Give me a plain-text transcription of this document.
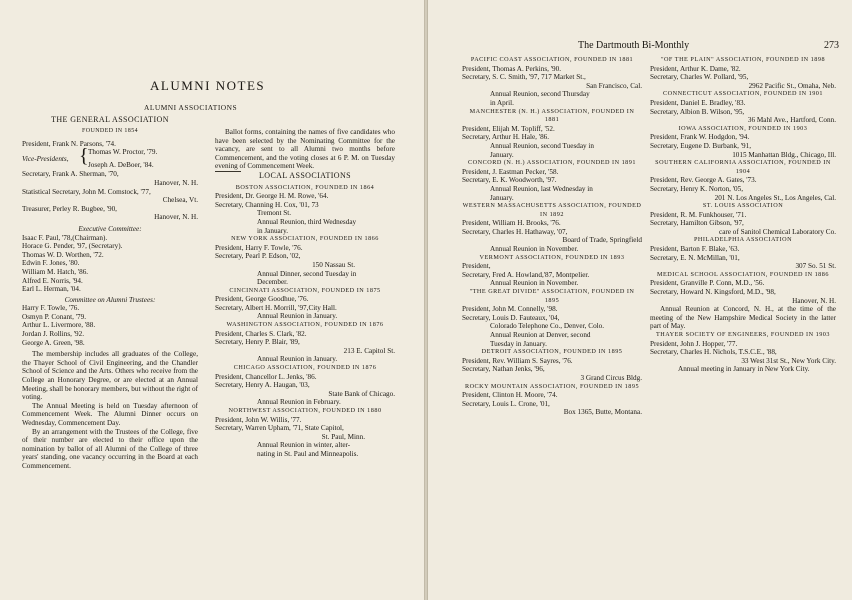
ALUMNI NOTES
ALUMNI ASSOCIATIONS
THE GENERAL ASSOCIATION
FOUNDED IN 1854
President, Frank N. Parsons, '74.
Vice-Presidents, { Thomas W. Proctor, '79.
Joseph A. DeBoer, '84.
Secretary, Frank A. Sherman, '70,
Hanover, N. H.
Statistical Secretary, John M. Comstock, '77,
Chelsea, Vt.
Treasurer, Perley R. Bugbee, '90,
Hanover, N. H.
Executive Committee:
Isaac F. Paul, '78,(Chairman).
Horace G. Pender, '97, (Secretary).
Thomas W. D. Worthen, '72.
Edwin F. Jones, '80.
William M. Hatch, '86.
Alfred E. Norris, '94.
Earl L. Herman, '04.
Committee on Alumni Trustees:
Harry F. Towle, '76.
Osmyn P. Conant, '79.
Arthur L. Livermore, '88.
Jordan J. Rollins, '92.
George A. Green, '98.

The membership includes all graduates of the College, the Thayer School of Civil Engineering, and the Chandler School of Science and the Arts. Others who receive from the College an Honorary Degree, or are elected at an Annual Meeting, shall be honorary members, but without the right of voting.

The Annual Meeting is held on Tuesday afternoon of Commencement Week. The Alumni Dinner occurs on Wednesday, Commencement Day.

By an arrangement with the Trustees of the College, five of their number are elected to their office upon the nomination by ballot of all Alumni of the College of three years' standing, one vacancy occurring in the Board at each Commencement.

Ballot forms, containing the names of five candidates who have been selected by the Nominating Committee for the vacancy, are sent to all Alumni two months before Commencement, and the voting closes at 6 P. M. on Tuesday evening of Commencement Week.

LOCAL ASSOCIATIONS
BOSTON ASSOCIATION, FOUNDED IN 1864
President, Dr. George H. M. Rowe, '64.
Secretary, Channing H. Cox, '01, 73
Tremont St.
Annual Reunion, third Wednesday
in January.
NEW YORK ASSOCIATION, FOUNDED IN 1866
President, Harry F. Towle, '76.
Secretary, Pearl P. Edson, '02,
150 Nassau St.
Annual Dinner, second Tuesday in
December.
CINCINNATI ASSOCIATION, FOUNDED IN 1875
President, George Goodhue, '76.
Secretary, Albert H. Morrill, '97,City Hall.
Annual Reunion in January.
WASHINGTON ASSOCIATION, FOUNDED IN 1876
President, Charles S. Clark, '82.
Secretary, Henry P. Blair, '89,
213 E. Capitol St.
Annual Reunion in January.
CHICAGO ASSOCIATION, FOUNDED IN 1876
President, Chancellor L. Jenks, '86.
Secretary, Henry A. Haugan, '03,
State Bank of Chicago.
Annual Reunion in February.
NORTHWEST ASSOCIATION, FOUNDED IN 1880
President, John W. Willis, '77.
Secretary, Warren Upham, '71, State Capitol,
St. Paul, Minn.
Annual Reunion in winter, alter-
nating in St. Paul and Minneapolis.
The Dartmouth Bi-Monthly	273
PACIFIC COAST ASSOCIATION, FOUNDED IN 1881
President, Thomas A. Perkins, '90.
Secretary, S. C. Smith, '97, 717 Market St.,
San Francisco, Cal.
Annual Reunion, second Thursday
in April.
MANCHESTER (N. H.) ASSOCIATION, FOUNDED IN 1881
President, Elijah M. Topliff, '52.
Secretary, Arthur H. Hale, '86.
Annual Reunion, second Tuesday in
January.
CONCORD (N. H.) ASSOCIATION, FOUNDED IN 1891
President, J. Eastman Pecker, '58.
Secretary, E. K. Woodworth, '97.
Annual Reunion, last Wednesday in
January.
WESTERN MASSACHUSETTS ASSOCIATION, FOUNDED IN 1892
President, William H. Brooks, '76.
Secretary, Charles H. Hathaway, '07,
Board of Trade, Springfield
Annual Reunion in November.
VERMONT ASSOCIATION, FOUNDED IN 1893
President,
Secretary, Fred A. Howland,'87, Montpelier.
Annual Reunion in November.
"THE GREAT DIVIDE" ASSOCIATION, FOUNDED IN 1895
President, John M. Connelly, '98.
Secretary, Louis D. Fauteaux, '04,
Colorado Telephone Co., Denver, Colo.
Annual Reunion at Denver, second
Tuesday in January.
DETROIT ASSOCIATION, FOUNDED IN 1895
President, Rev. William S. Sayres, '76.
Secretary, Nathan Jenks, '96,
3 Grand Circus Bldg.
ROCKY MOUNTAIN ASSOCIATION, FOUNDED IN 1895
President, Clinton H. Moore, '74.
Secretary, Louis L. Crone, '01,
Box 1365, Butte, Montana.
"OF THE PLAIN" ASSOCIATION, FOUNDED IN 1898
President, Arthur K. Dame, '82.
Secretary, Charles W. Pollard, '95,
2962 Pacific St., Omaha, Neb.
CONNECTICUT ASSOCIATION, FOUNDED IN 1901
President, Daniel E. Bradley, '83.
Secretary, Albion B. Wilson, '95,
36 Mahl Ave., Hartford, Conn.
IOWA ASSOCIATION, FOUNDED IN 1903
President, Frank W. Hodgdon, '94.
Secretary, Eugene D. Burbank, '91,
1015 Manhattan Bldg., Chicago, Ill.
SOUTHERN CALIFORNIA ASSOCIATION, FOUNDED IN 1904
President, Rev. George A. Gates, '73.
Secretary, Henry K. Norton, '05,
201 N. Los Angeles St., Los Angeles, Cal.
ST. LOUIS ASSOCIATION
President, R. M. Funkhouser, '71.
Secretary, Hamilton Gibson, '97,
care of Sanitol Chemical Laboratory Co.
PHILADELPHIA ASSOCIATION
President, Barton F. Blake, '63.
Secretary, E. N. McMillan, '01,
307 So. 51 St.
MEDICAL SCHOOL ASSOCIATION, FOUNDED IN 1886
President, Granville P. Conn, M.D., '56.
Secretary, Howard N. Kingsford, M.D., '98,
Hanover, N. H.

Annual Reunion at Concord, N. H., at the time of the meeting of the New Hampshire Medical Society in the latter part of May.

THAYER SOCIETY OF ENGINEERS, FOUNDED IN 1903
President, John J. Hopper, '77.
Secretary, Charles H. Nichols, T.S.C.E., '88,
33 West 31st St., New York City.

Annual meeting in January in New York City.
